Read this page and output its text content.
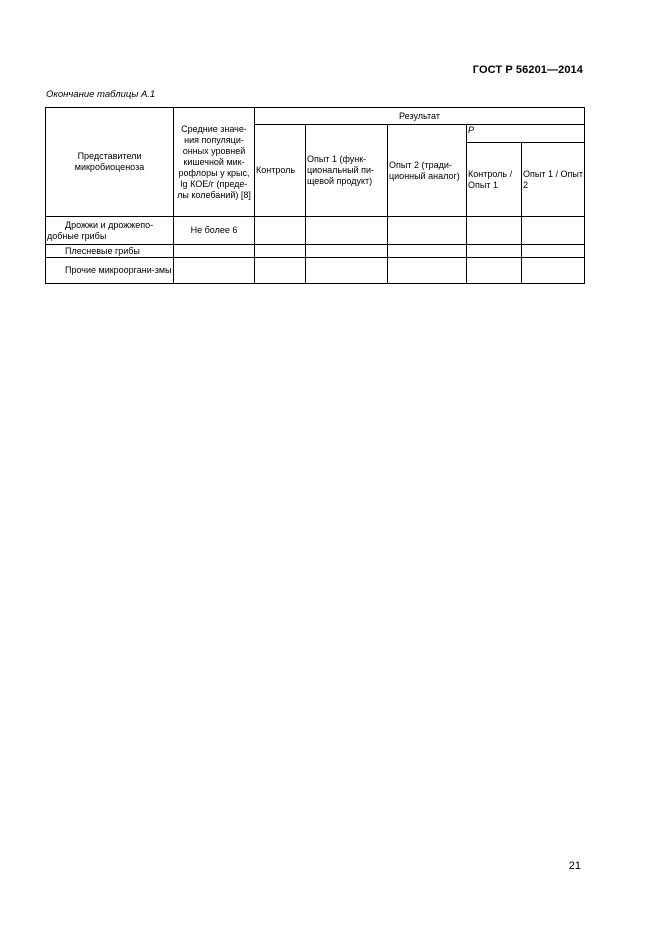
ГОСТ Р 56201—2014
Окончание таблицы А.1
Представители микробиоценоза	Средние значе-ния популяци-онных уровней кишечной мик-рофлоры у крыс, lg КОЕ/г (преде-лы колебаний) [8]	Результат				
		Контроль	Опыт 1 (функ-циональный пи-щевой продукт)	Опыт 2 (тради-ционный аналог)	P	
					Контроль / Опыт 1	Опыт 1 / Опыт 2
Дрожжи и дрожжепо-добные грибы	Не более 6					
Плесневые грибы						
Прочие микрооргани-змы						
21
